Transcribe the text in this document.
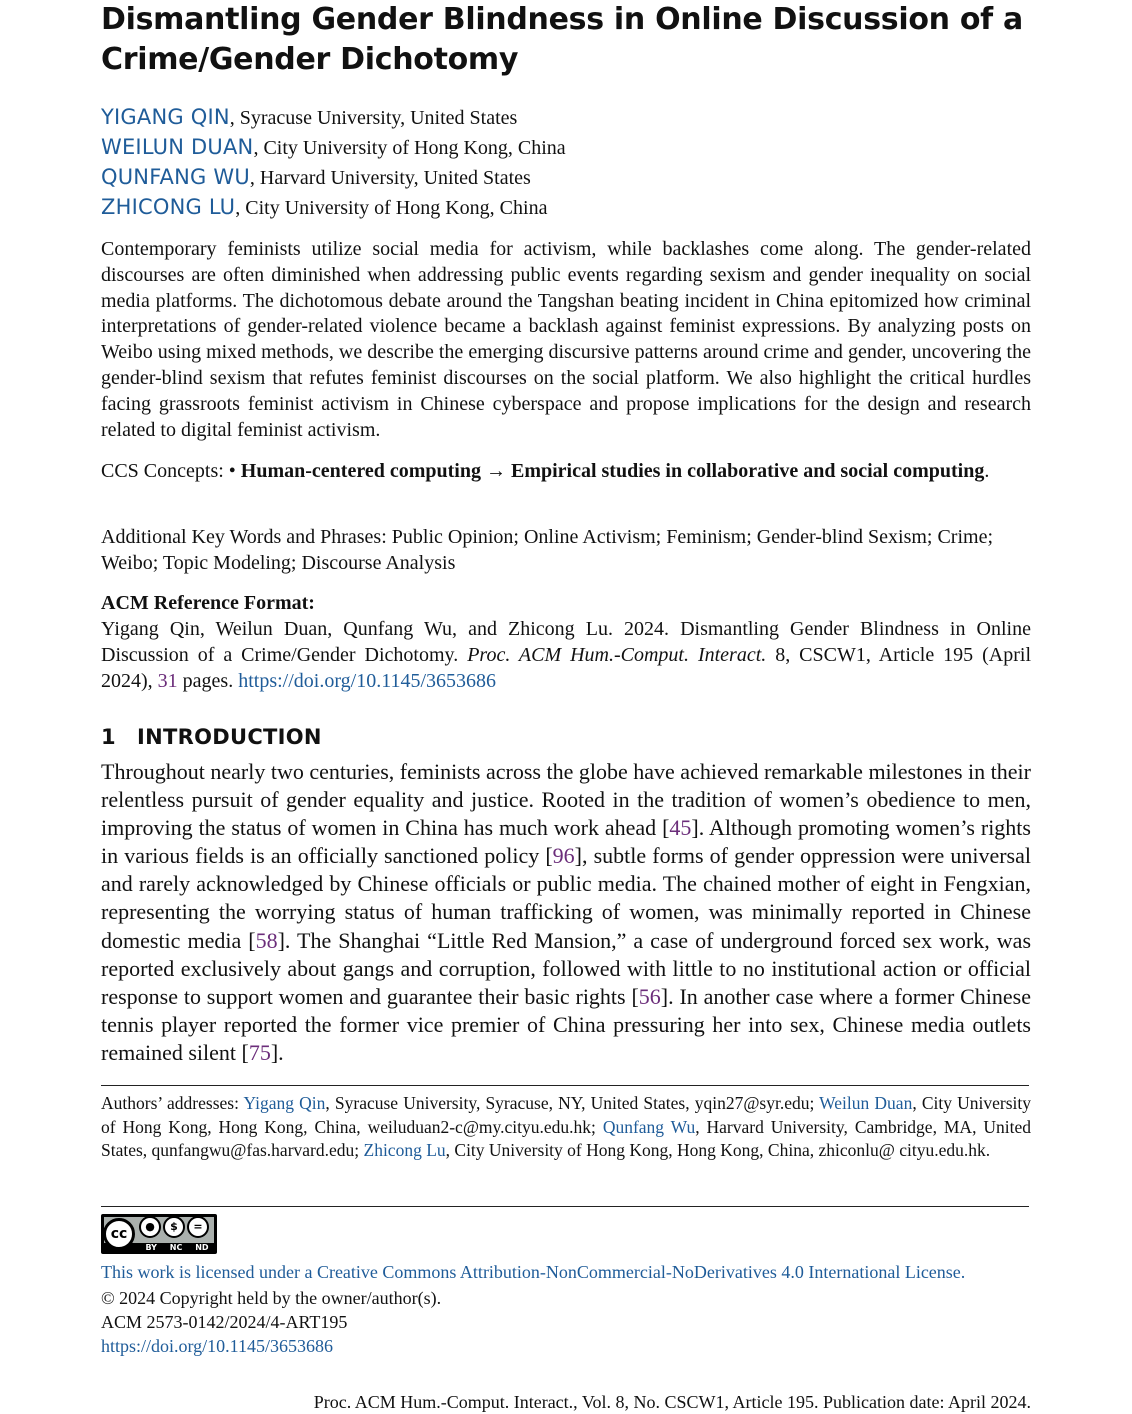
Dismantling Gender Blindness in Online Discussion of a Crime/Gender Dichotomy
YIGANG QIN, Syracuse University, United States
WEILUN DUAN, City University of Hong Kong, China
QUNFANG WU, Harvard University, United States
ZHICONG LU, City University of Hong Kong, China
Contemporary feminists utilize social media for activism, while backlashes come along. The gender-related discourses are often diminished when addressing public events regarding sexism and gender inequality on social media platforms. The dichotomous debate around the Tangshan beating incident in China epitomized how criminal interpretations of gender-related violence became a backlash against feminist expressions. By analyzing posts on Weibo using mixed methods, we describe the emerging discursive patterns around crime and gender, uncovering the gender-blind sexism that refutes feminist discourses on the social platform. We also highlight the critical hurdles facing grassroots feminist activism in Chinese cyberspace and propose implications for the design and research related to digital feminist activism.
CCS Concepts: • Human-centered computing → Empirical studies in collaborative and social computing.
Additional Key Words and Phrases: Public Opinion; Online Activism; Feminism; Gender-blind Sexism; Crime; Weibo; Topic Modeling; Discourse Analysis
ACM Reference Format:
Yigang Qin, Weilun Duan, Qunfang Wu, and Zhicong Lu. 2024. Dismantling Gender Blindness in Online Discussion of a Crime/Gender Dichotomy. Proc. ACM Hum.-Comput. Interact. 8, CSCW1, Article 195 (April 2024), 31 pages. https://doi.org/10.1145/3653686
1 INTRODUCTION
Throughout nearly two centuries, feminists across the globe have achieved remarkable milestones in their relentless pursuit of gender equality and justice. Rooted in the tradition of women’s obedience to men, improving the status of women in China has much work ahead [45]. Although promoting women’s rights in various fields is an officially sanctioned policy [96], subtle forms of gender oppression were universal and rarely acknowledged by Chinese officials or public media. The chained mother of eight in Fengxian, representing the worrying status of human trafficking of women, was minimally reported in Chinese domestic media [58]. The Shanghai “Little Red Mansion,” a case of underground forced sex work, was reported exclusively about gangs and corruption, followed with little to no institutional action or official response to support women and guarantee their basic rights [56]. In another case where a former Chinese tennis player reported the former vice premier of China pressuring her into sex, Chinese media outlets remained silent [75].
Authors’ addresses: Yigang Qin, Syracuse University, Syracuse, NY, United States, yqin27@syr.edu; Weilun Duan, City University of Hong Kong, Hong Kong, China, weiluduan2-c@my.cityu.edu.hk; Qunfang Wu, Harvard University, Cambridge, MA, United States, qunfangwu@fas.harvard.edu; Zhicong Lu, City University of Hong Kong, Hong Kong, China, zhiconlu@ cityu.edu.hk.
cc	●	$	=
BY NC ND
This work is licensed under a Creative Commons Attribution-NonCommercial-NoDerivatives 4.0 International License.
© 2024 Copyright held by the owner/author(s).
ACM 2573-0142/2024/4-ART195
https://doi.org/10.1145/3653686
Proc. ACM Hum.-Comput. Interact., Vol. 8, No. CSCW1, Article 195. Publication date: April 2024.
